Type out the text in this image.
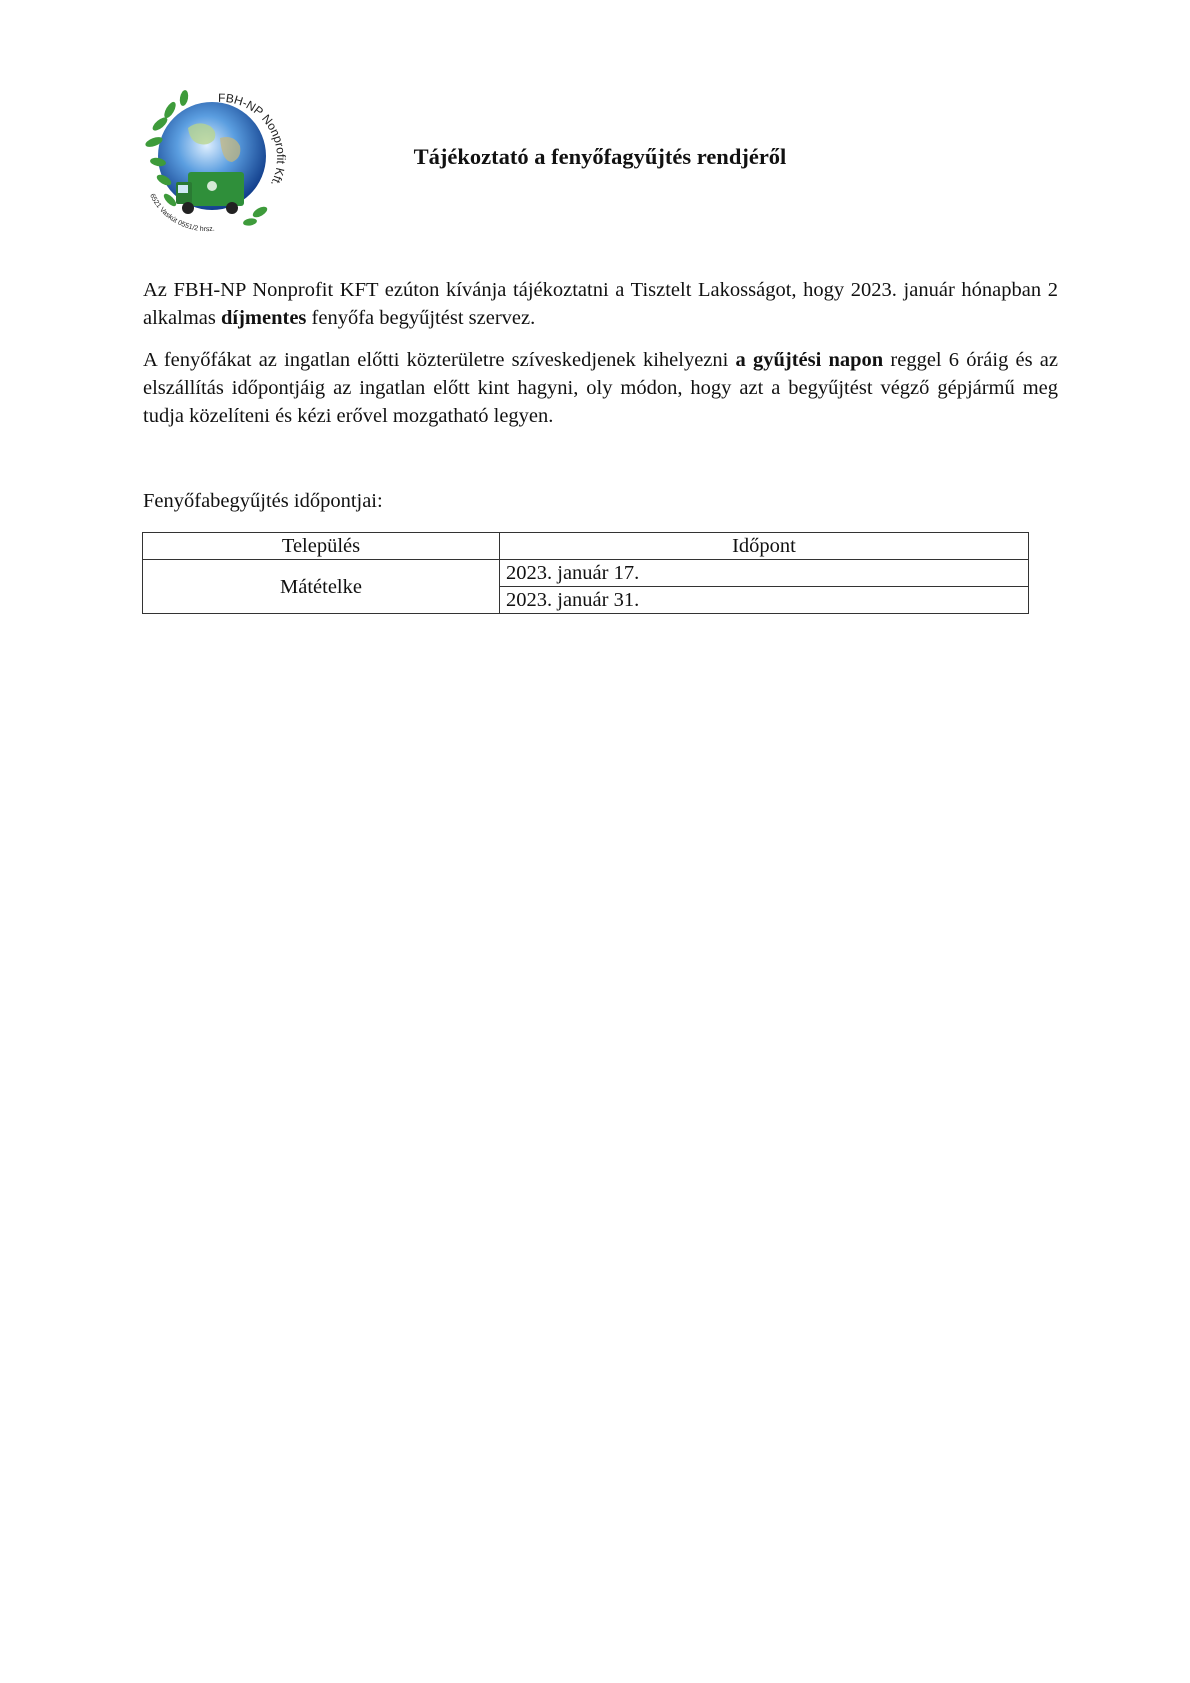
FBH-NP Nonprofit Kft.
6521 Vaskút 0551/2 hrsz.
Tájékoztató a fenyőfagyűjtés rendjéről

Az FBH-NP Nonprofit KFT ezúton kívánja tájékoztatni a Tisztelt Lakosságot, hogy 2023. január hónapban 2 alkalmas díjmentes fenyőfa begyűjtést szervez.

A fenyőfákat az ingatlan előtti közterületre szíveskedjenek kihelyezni a gyűjtési napon reggel 6 óráig és az elszállítás időpontjáig az ingatlan előtt kint hagyni, oly módon, hogy azt a begyűjtést végző gépjármű meg tudja közelíteni és kézi erővel mozgatható legyen.

Fenyőfabegyűjtés időpontjai:
Település	Időpont
Mátételke	2023. január 17.
	2023. január 31.
